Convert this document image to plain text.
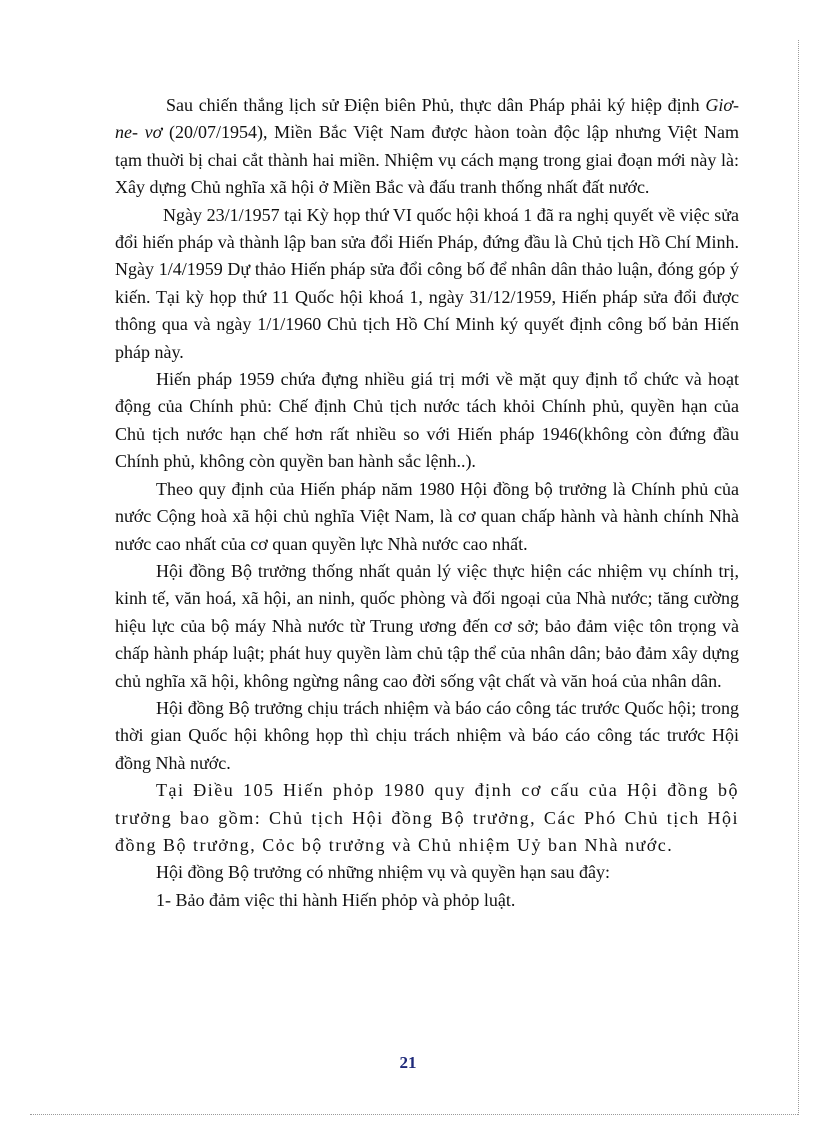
Sau chiến thắng lịch sử Điện biên Phủ, thực dân Pháp phải ký hiệp định Giơ- ne- vơ (20/07/1954), Miền Bắc Việt Nam được hàon toàn độc lập nhưng Việt Nam tạm thuời bị chai cắt thành hai miền. Nhiệm vụ cách mạng trong giai đoạn mới này là: Xây dựng Chủ nghĩa xã hội ở Miền Bắc và đấu tranh thống nhất đất nước.

Ngày 23/1/1957 tại Kỳ họp thứ VI quốc hội khoá 1 đã ra nghị quyết về việc sửa đổi hiến pháp và thành lập ban sửa đổi Hiến Pháp, đứng đầu là Chủ tịch Hồ Chí Minh. Ngày 1/4/1959 Dự thảo Hiến pháp sửa đổi công bố để nhân dân thảo luận, đóng góp ý kiến. Tại kỳ họp thứ 11 Quốc hội khoá 1, ngày 31/12/1959, Hiến pháp sửa đổi được thông qua và ngày 1/1/1960 Chủ tịch Hồ Chí Minh ký quyết định công bố bản Hiến pháp này.

Hiến pháp 1959 chứa đựng nhiều giá trị mới về mặt quy định tổ chức và hoạt động của Chính phủ: Chế định Chủ tịch nước tách khỏi Chính phủ, quyền hạn của Chủ tịch nước hạn chế hơn rất nhiều so với Hiến pháp 1946(không còn đứng đầu Chính phủ, không còn quyền ban hành sắc lệnh..).

Theo quy định của Hiến pháp năm 1980 Hội đồng bộ trưởng là Chính phủ của nước Cộng hoà xã hội chủ nghĩa Việt Nam, là cơ quan chấp hành và hành chính Nhà nước cao nhất của cơ quan quyền lực Nhà nước cao nhất.

Hội đồng Bộ trưởng thống nhất quản lý việc thực hiện các nhiệm vụ chính trị, kinh tế, văn hoá, xã hội, an ninh, quốc phòng và đối ngoại của Nhà nước; tăng cường hiệu lực của bộ máy Nhà nước từ Trung ương đến cơ sở; bảo đảm việc tôn trọng và chấp hành pháp luật; phát huy quyền làm chủ tập thể của nhân dân; bảo đảm xây dựng chủ nghĩa xã hội, không ngừng nâng cao đời sống vật chất và văn hoá của nhân dân.

Hội đồng Bộ trưởng chịu trách nhiệm và báo cáo công tác trước Quốc hội; trong thời gian Quốc hội không họp thì chịu trách nhiệm và báo cáo công tác trước Hội đồng Nhà nước.

Tại Điều 105 Hiến phỏp 1980 quy định cơ cấu của Hội đồng bộ trưởng bao gồm: Chủ tịch Hội đồng Bộ trưởng, Các Phó Chủ tịch Hội đồng Bộ trưởng, Cỏc bộ trưởng và Chủ nhiệm Uỷ ban Nhà nước.

Hội đồng Bộ trưởng có những nhiệm vụ và quyền hạn sau đây:

1- Bảo đảm việc thi hành Hiến phỏp và phỏp luật.

21
